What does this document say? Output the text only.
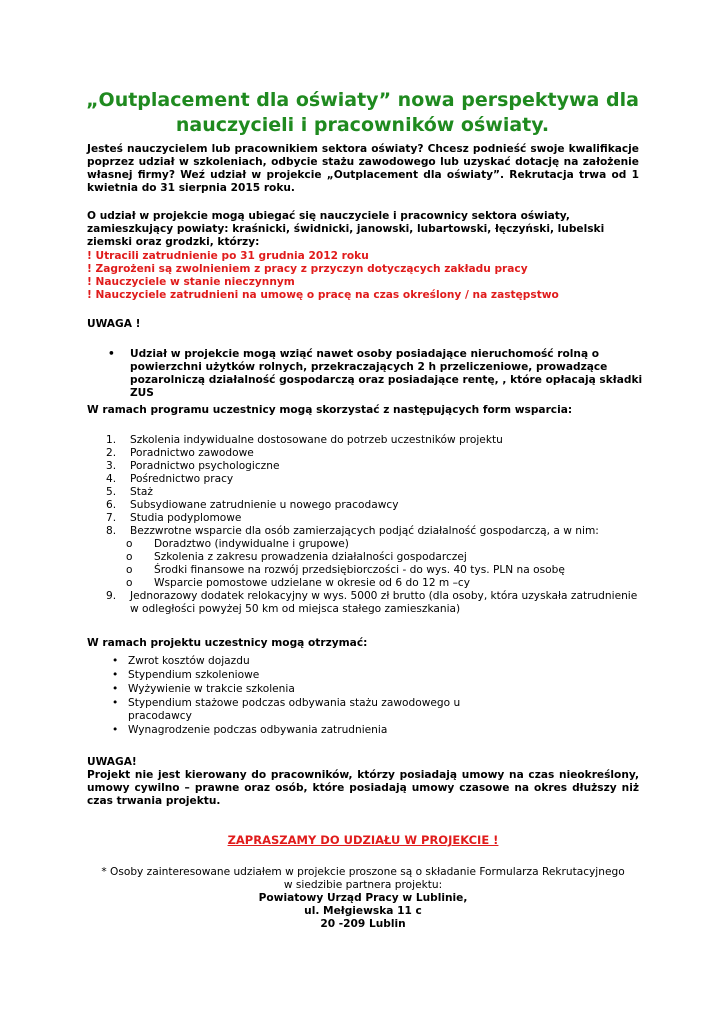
„Outplacement dla oświaty” nowa perspektywa dla
nauczycieli i pracowników oświaty.
Jesteś nauczycielem lub pracownikiem sektora oświaty? Chcesz podnieść swoje kwalifikacje poprzez udział w szkoleniach, odbycie stażu zawodowego lub uzyskać dotację na założenie własnej firmy? Weź udział w projekcie „Outplacement dla oświaty”. Rekrutacja trwa od 1 kwietnia do 31 sierpnia 2015 roku.
O udział w projekcie mogą ubiegać się nauczyciele i pracownicy sektora oświaty, zamieszkujący powiaty: kraśnicki, świdnicki, janowski, lubartowski, łęczyński, lubelski ziemski oraz grodzki, którzy:
! Utracili zatrudnienie po 31 grudnia 2012 roku
! Zagrożeni są zwolnieniem z pracy z przyczyn dotyczących zakładu pracy
! Nauczyciele w stanie nieczynnym
! Nauczyciele zatrudnieni na umowę o pracę na czas określony / na zastępstwo
UWAGA !
• Udział w projekcie mogą wziąć nawet osoby posiadające nieruchomość rolną o powierzchni użytków rolnych, przekraczających 2 h przeliczeniowe, prowadzące pozarolniczą działalność gospodarczą oraz posiadające rentę, , które opłacają składki ZUS
W ramach programu uczestnicy mogą skorzystać z następujących form wsparcia:
1. Szkolenia indywidualne dostosowane do potrzeb uczestników projektu
2. Poradnictwo zawodowe
3. Poradnictwo psychologiczne
4. Pośrednictwo pracy
5. Staż
6. Subsydiowane zatrudnienie u nowego pracodawcy
7. Studia podyplomowe
8. Bezzwrotne wsparcie dla osób zamierzających podjąć działalność gospodarczą, a w nim:
o Doradztwo (indywidualne i grupowe)
o Szkolenia z zakresu prowadzenia działalności gospodarczej
o Środki finansowe na rozwój przedsiębiorczości - do wys. 40 tys. PLN na osobę
o Wsparcie pomostowe udzielane w okresie od 6 do 12 m –cy
9. Jednorazowy dodatek relokacyjny w wys. 5000 zł brutto (dla osoby, która uzyskała zatrudnienie w odległości powyżej 50 km od miejsca stałego zamieszkania)
W ramach projektu uczestnicy mogą otrzymać:
• Zwrot kosztów dojazdu
• Stypendium szkoleniowe
• Wyżywienie w trakcie szkolenia
• Stypendium stażowe podczas odbywania stażu zawodowego u pracodawcy
• Wynagrodzenie podczas odbywania zatrudnienia
UWAGA!
Projekt nie jest kierowany do pracowników, którzy posiadają umowy na czas nieokreślony, umowy cywilno – prawne oraz osób, które posiadają umowy czasowe na okres dłuższy niż czas trwania projektu.
ZAPRASZAMY DO UDZIAŁU W PROJEKCIE !
* Osoby zainteresowane udziałem w projekcie proszone są o składanie Formularza Rekrutacyjnego
w siedzibie partnera projektu:
Powiatowy Urząd Pracy w Lublinie,
ul. Mełgiewska 11 c
20 -209 Lublin
